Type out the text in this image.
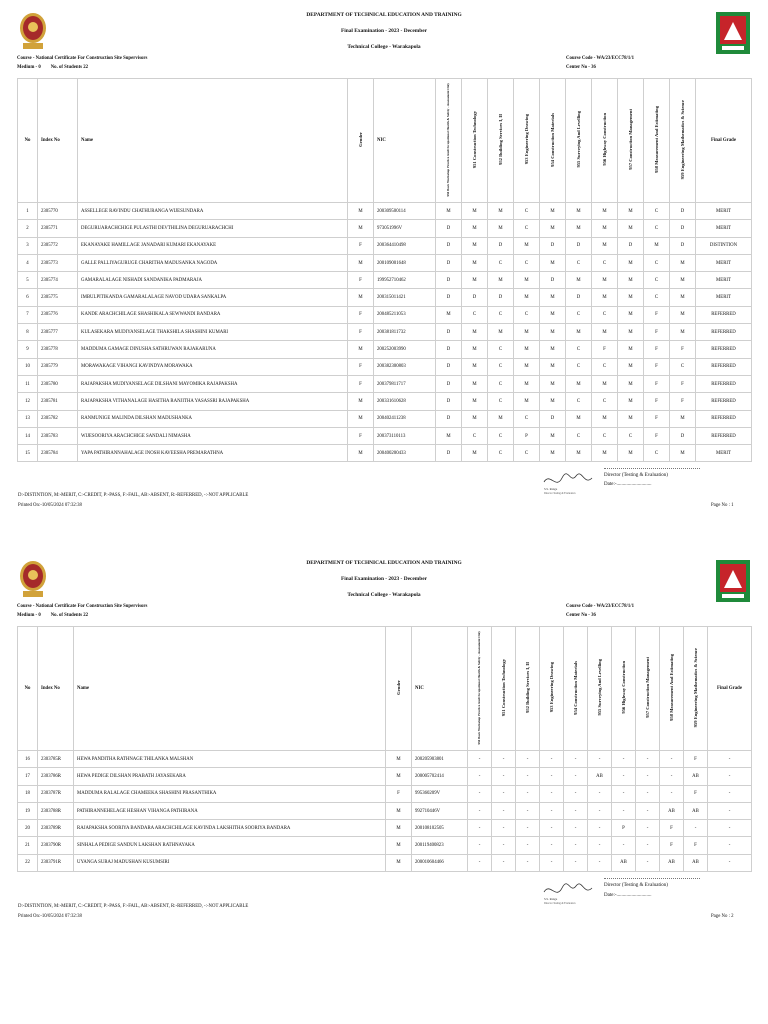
DEPARTMENT OF TECHNICAL EDUCATION AND TRAINING
Final Examination - 2023 - December
Technical College - Warakapola
Course - National Certificate For Construction Site Supervisors
Medium - 0 No. of Students 22
Course Code - WA/23/ECC78/1/1
Center No - 36
No	Index No	Name	Gender	NIC	950 Basic Workshop Practice And Occupational Health & Safety - Assessment Only	951 Construction Technology	952 Building Services I, II	953 Engineering Drawing	954 Construction Materials	955 Surveying And Levelling	956 Highway Construction	957 Construction Management	958 Measurement And Estimating	959 Engineering Mathematics & Science	Final Grade
1	2305770	ASSELLEGE RAVINDU CHATHURANGA WIJESUNDARA	M	200309500114	M	M	M	C	M	M	M	M	C	D	MERIT
2	2305771	DEGURUARACHCHIGE PULASTHI DEVTHILINA DEGURUARACHCHI	M	973051996V	D	M	M	C	M	M	M	M	C	D	MERIT
3	2305772	EKANAYAKE HAMILLAGE JANADARI KUMARI EKANAYAKE	F	200364410498	D	M	D	M	D	D	M	D	M	D	DISTINTION
4	2305773	GALLE PALLIYAGURUGE CHARITHA MADUSANKA NAGODA	M	200109001648	D	M	C	C	M	C	C	M	C	M	MERIT
5	2305774	GAMARALALAGE NISHADI SANDANIKA PADMARAJA	F	199952710462	D	M	M	M	D	M	M	M	C	M	MERIT
6	2305775	IMBULPITIKANDA GAMARALALAGE NAVOD UDARA SANKALPA	M	200315011421	D	D	D	M	M	D	M	M	C	M	MERIT
7	2305776	KANDE ARACHCHILAGE SHASHIKALA SEWWANDI BANDARA	F	200485211053	M	C	C	C	M	C	C	M	F	M	REFERRED
8	2305777	KULASEKARA MUDIYANSELAGE THAKSHILA SHASHINI KUMARI	F	200381811732	D	M	M	M	M	M	M	M	F	M	REFERRED
9	2305778	MADDUMA GAMAGE DINUSHA SATHRUWAN RAJAKARUNA	M	200252003990	D	M	C	M	M	C	F	M	F	F	REFERRED
10	2305779	MORAWAKAGE VIHANGI KAVINDYA MORAWAKA	F	200382300803	D	M	C	M	M	C	C	M	F	C	REFERRED
11	2305780	RAJAPAKSHA MUDIYANSELAGE DILSHANI MAYOMIKA RAJAPAKSHA	F	200379811717	D	M	C	M	M	M	M	M	F	F	REFERRED
12	2305781	RAJAPAKSHA VITHANALAGE HASITHA RANJITHA YASASSRI RAJAPAKSHA	M	200331610628	D	M	C	M	M	C	C	M	F	F	REFERRED
13	2305782	RANMUNIGE MALINDA DILSHAN MADUSHANKA	M	200402411238	D	M	M	C	D	M	M	M	F	M	REFERRED
14	2305783	WIJESOORIYA ARACHCHIGE SANDALI NIMASHA	F	200373110113	M	C	C	P	M	C	C	C	F	D	REFERRED
15	2305784	YAPA PATHIRANNAHALAGE INOSH KAVEESHA PREMARATHNA	M	200400200433	D	M	C	C	M	M	M	M	C	M	MERIT
S.S. Range
Director Testing & Evaluation
Director (Testing & Evaluation)
Date:-............................
D:-DISTINTION, M:-MERIT, C:-CREDIT, P:-PASS, F:-FAIL, AB:-ABSENT, R:-REFERRED, -:-NOT APPLICABLE
Printed On:-10/05/2024 07:32:38	Page No : 1
DEPARTMENT OF TECHNICAL EDUCATION AND TRAINING
Final Examination - 2023 - December
Technical College - Warakapola
Course - National Certificate For Construction Site Supervisors
Medium - 0 No. of Students 22
Course Code - WA/23/ECC78/1/1
Center No - 36
No	Index No	Name	Gender	NIC	950 Basic Workshop Practice And Occupational Health & Safety - Assessment Only	951 Construction Technology	952 Building Services I, II	953 Engineering Drawing	954 Construction Materials	955 Surveying And Levelling	956 Highway Construction	957 Construction Management	958 Measurement And Estimating	959 Engineering Mathematics & Science	Final Grade
16	2303785R	HEWA PANDITHA RATHNAGE THILANKA MALSHAN	M	200205903801	-	-	-	-	-	-	-	-	-	F	-
17	2303786R	HEWA PEDIGE DILSHAN PRABATH JAYASEKARA	M	200005702414	-	-	-	-	-	AB	-	-	-	AB	-
18	2303787R	MADDUMA RALALAGE CHAMEEKA SHASHINI PRASANTHIKA	F	995360209V	-	-	-	-	-	-	-	-	-	F	-
19	2303788R	PATHIRANNEHELAGE HESHAN VIHANGA PATHIRANA	M	992710446V	-	-	-	-	-	-	-	-	AB	AB	-
20	2303789R	RAJAPAKSHA SOORIYA BANDARA ARACHCHILAGE KAVINDA LAKSHITHA SOORIYA BANDARA	M	200108102505	-	-	-	-	-	-	P	-	F	-	-
21	2303790R	SINHALA PEDIGE SANDUN LAKSHAN RATHNAYAKA	M	200119400823	-	-	-	-	-	-	-	-	F	F	-
22	2303791R	UYANGA SURAJ MADUSHAN KUSUMSIRI	M	200010604466	-	-	-	-	-	-	AB	-	AB	AB	-
S.S. Range
Director Testing & Evaluation
Director (Testing & Evaluation)
Date:-............................
D:-DISTINTION, M:-MERIT, C:-CREDIT, P:-PASS, F:-FAIL, AB:-ABSENT, R:-REFERRED, -:-NOT APPLICABLE
Printed On:-10/05/2024 07:32:38	Page No : 2
